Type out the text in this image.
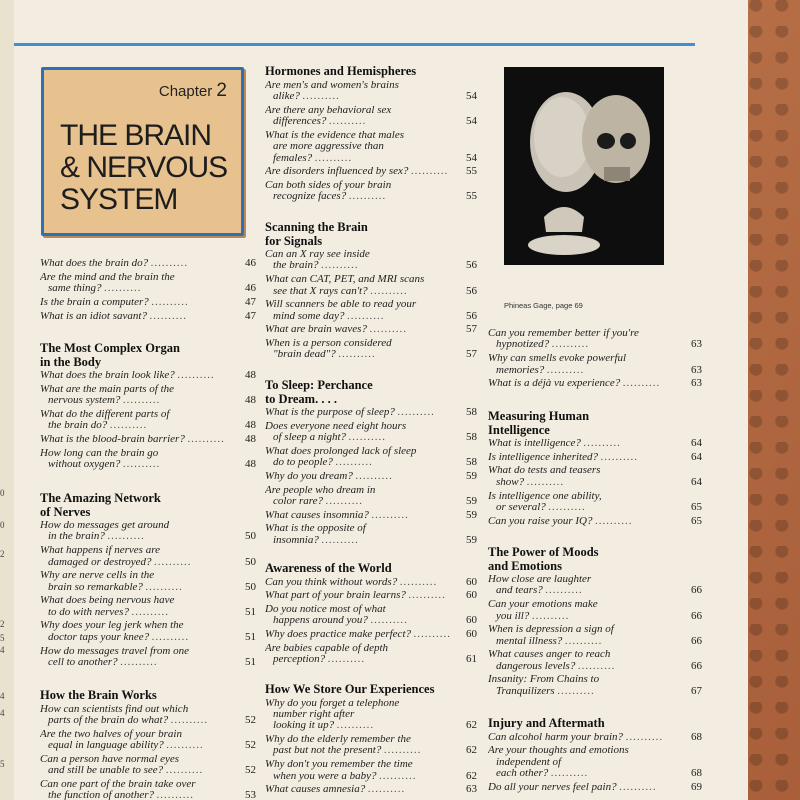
0
0
2
2
5
4
4
4
5
Chapter 2
THE BRAIN
& NERVOUS
SYSTEM
Phineas Gage, page 69
What does the brain do? ..........	46
Are the mind and the brain the
same thing? ..........	46
Is the brain a computer? ..........	47
What is an idiot savant? ..........	47
The Most Complex Organ
in the Body
What does the brain look like? ..........	48
What are the main parts of the
nervous system? ..........	48
What do the different parts of
the brain do? ..........	48
What is the blood-brain barrier? ..........	48
How long can the brain go
without oxygen? ..........	48
The Amazing Network
of Nerves
How do messages get around
in the brain? ..........	50
What happens if nerves are
damaged or destroyed? ..........	50
Why are nerve cells in the
brain so remarkable? ..........	50
What does being nervous have
to do with nerves? ..........	51
Why does your leg jerk when the
doctor taps your knee? ..........	51
How do messages travel from one
cell to another? ..........	51
How the Brain Works
How can scientists find out which
parts of the brain do what? ..........	52
Are the two halves of your brain
equal in language ability? ..........	52
Can a person have normal eyes
and still be unable to see? ..........	52
Can one part of the brain take over
the function of another? ..........	53
Hormones and Hemispheres
Are men's and women's brains
alike? ..........	54
Are there any behavioral sex
differences? ..........	54
What is the evidence that males
are more aggressive than
females? ..........	54
Are disorders influenced by sex? ..........	55
Can both sides of your brain
recognize faces? ..........	55
Scanning the Brain
for Signals
Can an X ray see inside
the brain? ..........	56
What can CAT, PET, and MRI scans
see that X rays can't? ..........	56
Will scanners be able to read your
mind some day? ..........	56
What are brain waves? ..........	57
When is a person considered
"brain dead"? ..........	57
To Sleep: Perchance
to Dream. . . .
What is the purpose of sleep? ..........	58
Does everyone need eight hours
of sleep a night? ..........	58
What does prolonged lack of sleep
do to people? ..........	58
Why do you dream? ..........	59
Are people who dream in
color rare? ..........	59
What causes insomnia? ..........	59
What is the opposite of
insomnia? ..........	59
Awareness of the World
Can you think without words? ..........	60
What part of your brain learns? ..........	60
Do you notice most of what
happens around you? ..........	60
Why does practice make perfect? ..........	60
Are babies capable of depth
perception? ..........	61
How We Store Our Experiences
Why do you forget a telephone
number right after
looking it up? ..........	62
Why do the elderly remember the
past but not the present? ..........	62
Why don't you remember the time
when you were a baby? ..........	62
What causes amnesia? ..........	63
Can you remember better if you're
hypnotized? ..........	63
Why can smells evoke powerful
memories? ..........	63
What is a déjà vu experience? ..........	63
Measuring Human
Intelligence
What is intelligence? ..........	64
Is intelligence inherited? ..........	64
What do tests and teasers
show? ..........	64
Is intelligence one ability,
or several? ..........	65
Can you raise your IQ? ..........	65
The Power of Moods
and Emotions
How close are laughter
and tears? ..........	66
Can your emotions make
you ill? ..........	66
When is depression a sign of
mental illness? ..........	66
What causes anger to reach
dangerous levels? ..........	66
Insanity: From Chains to
Tranquilizers ..........	67
Injury and Aftermath
Can alcohol harm your brain? ..........	68
Are your thoughts and emotions
independent of
each other? ..........	68
Do all your nerves feel pain? ..........	69
